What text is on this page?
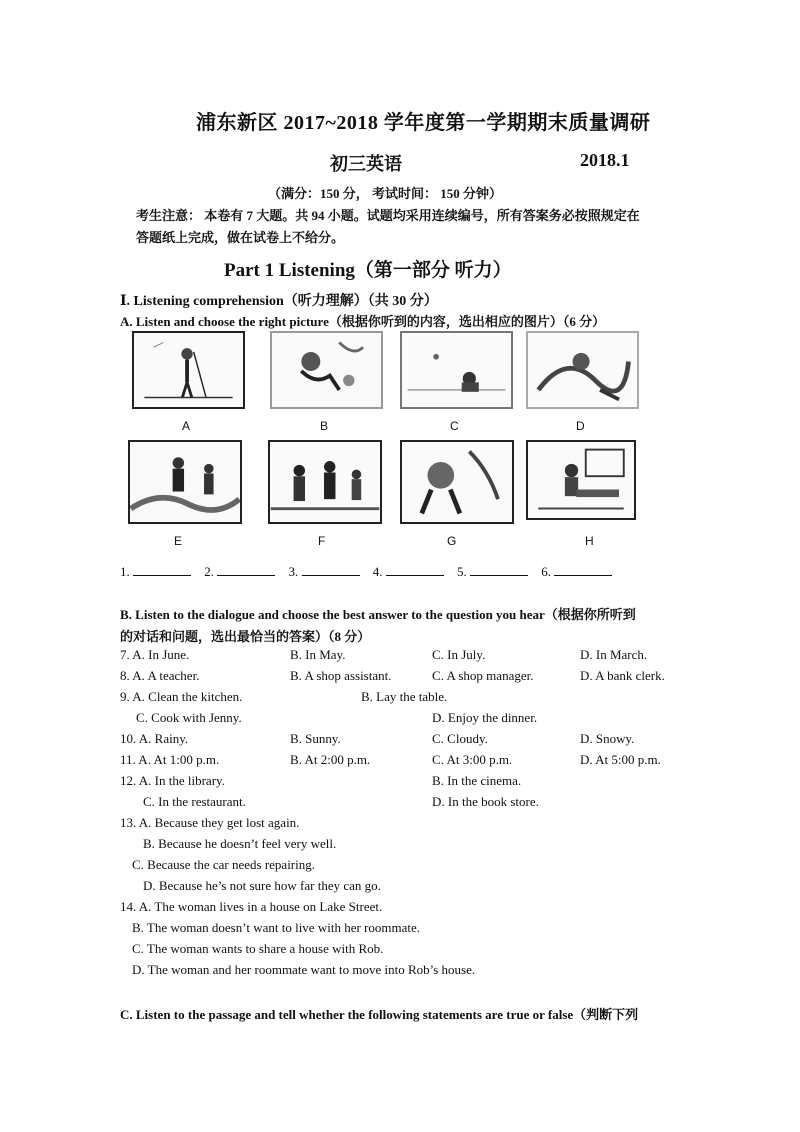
浦东新区 2017~2018 学年度第一学期期末质量调研
初三英语	2018.1
（满分：150 分， 考试时间： 150 分钟）
考生注意： 本卷有 7 大题。共 94 小题。试题均采用连续编号，所有答案务必按照规定在
答题纸上完成，做在试卷上不给分。
Part 1 Listening（第一部分 听力）
Ⅰ. Listening comprehension（听力理解）（共 30 分）
A. Listen and choose the right picture（根据你听到的内容，选出相应的图片）（6 分）
A	B	C	D
E	F	G	H
1.	2.	3.	4.	5.	6.
B. Listen to the dialogue and choose the best answer to the question you hear（根据你所听到
的对话和问题，选出最恰当的答案）（8 分）
7. A. In June.	B. In May.	C. In July.	D. In March.
8. A. A teacher.	B. A shop assistant.	C. A shop manager.	D. A bank clerk.
9. A. Clean the kitchen.	B. Lay the table.
C. Cook with Jenny.	D. Enjoy the dinner.
10. A. Rainy.	B. Sunny.	C. Cloudy.	D. Snowy.
11. A. At 1:00 p.m.	B. At 2:00 p.m.	C. At 3:00 p.m.	D. At 5:00 p.m.
12. A. In the library.	B. In the cinema.
C. In the restaurant.	D. In the book store.
13. A. Because they get lost again.
B. Because he doesn’t feel very well.
C. Because the car needs repairing.
D. Because he’s not sure how far they can go.
14. A. The woman lives in a house on Lake Street.
B. The woman doesn’t want to live with her roommate.
C. The woman wants to share a house with Rob.
D. The woman and her roommate want to move into Rob’s house.
C. Listen to the passage and tell whether the following statements are true or false（判断下列
